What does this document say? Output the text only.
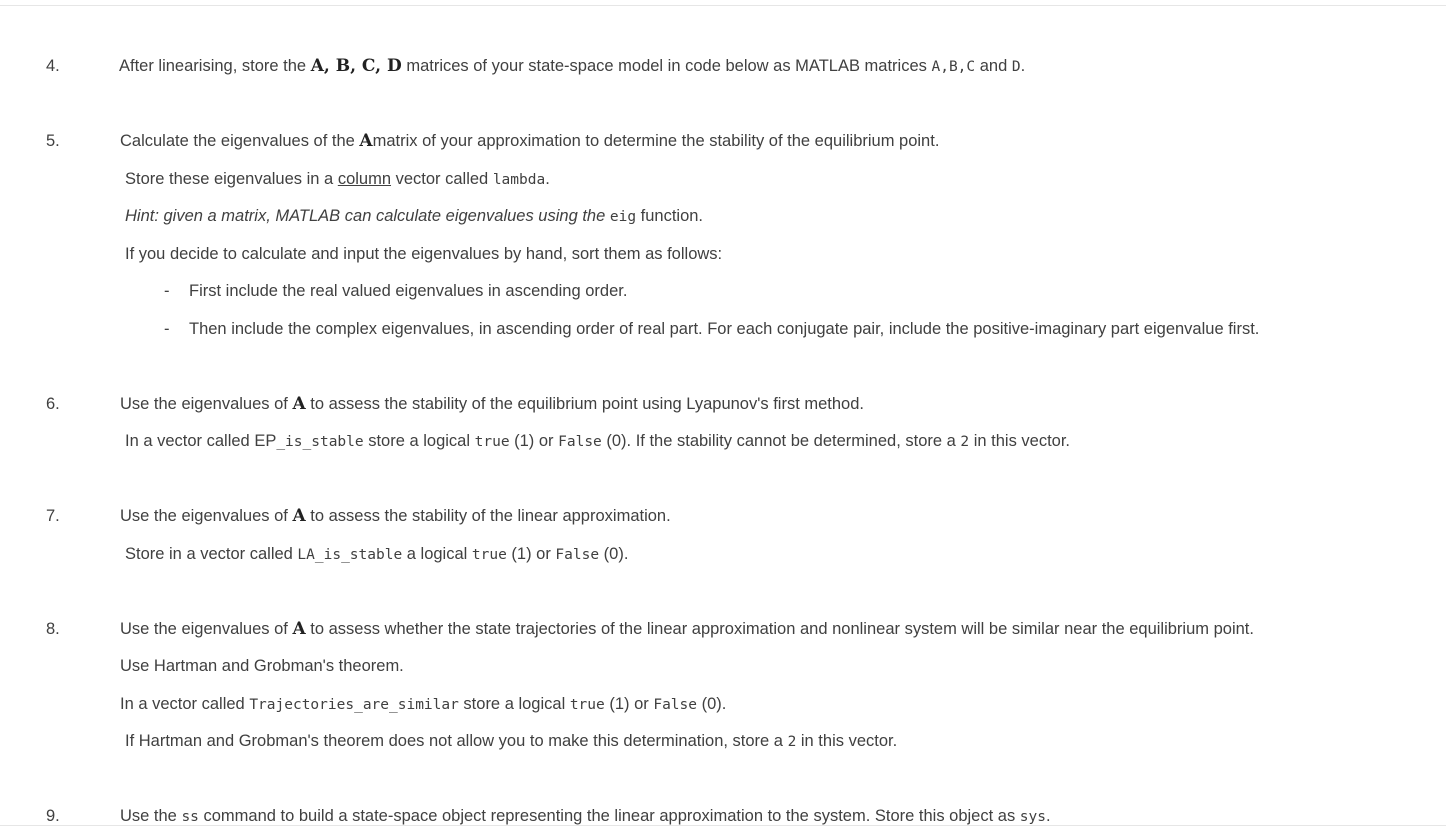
4.	After linearising, store the A, B, C, D matrices of your state-space model in code below as MATLAB matrices A,B,C and D.
5.	Calculate the eigenvalues of the Amatrix of your approximation to determine the stability of the equilibrium point.
Store these eigenvalues in a column vector called lambda.
Hint: given a matrix, MATLAB can calculate eigenvalues using the eig function.
If you decide to calculate and input the eigenvalues by hand, sort them as follows:
- First include the real valued eigenvalues in ascending order.
- Then include the complex eigenvalues, in ascending order of real part. For each conjugate pair, include the positive-imaginary part eigenvalue first.
6.	Use the eigenvalues of A to assess the stability of the equilibrium point using Lyapunov's first method.
In a vector called EP_is_stable store a logical true (1) or False (0). If the stability cannot be determined, store a 2 in this vector.
7.	Use the eigenvalues of A to assess the stability of the linear approximation.
Store in a vector called LA_is_stable a logical true (1) or False (0).
8.	Use the eigenvalues of A to assess whether the state trajectories of the linear approximation and nonlinear system will be similar near the equilibrium point.
Use Hartman and Grobman's theorem.
In a vector called Trajectories_are_similar store a logical true (1) or False (0).
If Hartman and Grobman's theorem does not allow you to make this determination, store a 2 in this vector.
9.	Use the ss command to build a state-space object representing the linear approximation to the system. Store this object as sys.
